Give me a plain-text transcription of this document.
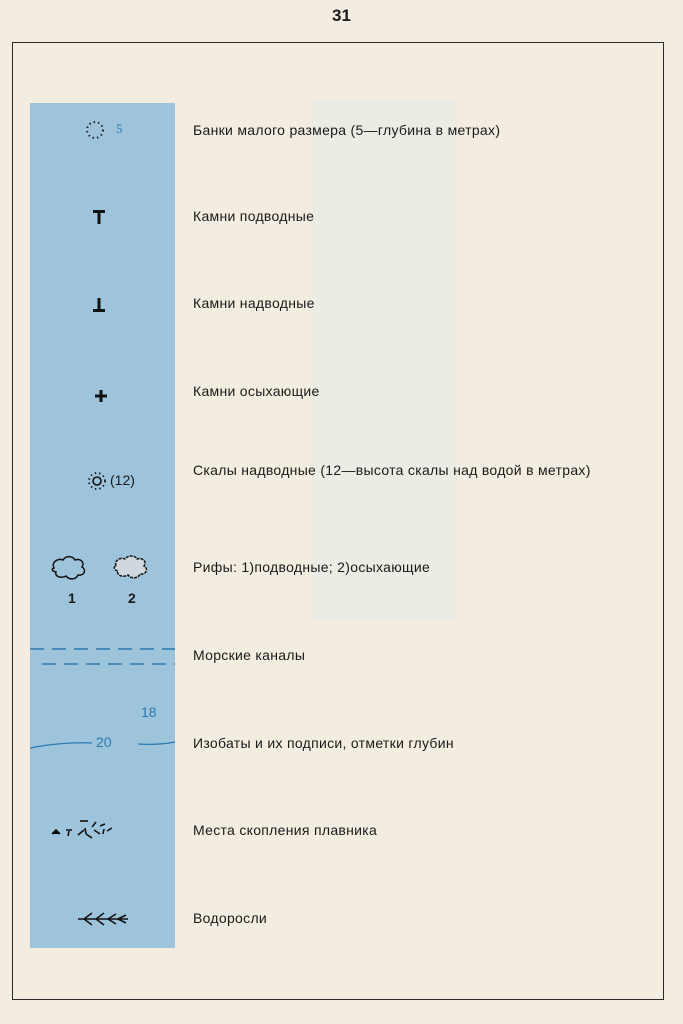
31
Банки малого размера (5—глубина в метрах)
5
Камни подводные
Камни надводные
Камни осыхающие
Скалы надводные (12—высота скалы над водой в метрах)
(12)
Рифы: 1)подводные; 2)осыхающие
1	2
Морские каналы
Изобаты и их подписи, отметки глубин
18
20
Места скопления плавника
Водоросли
